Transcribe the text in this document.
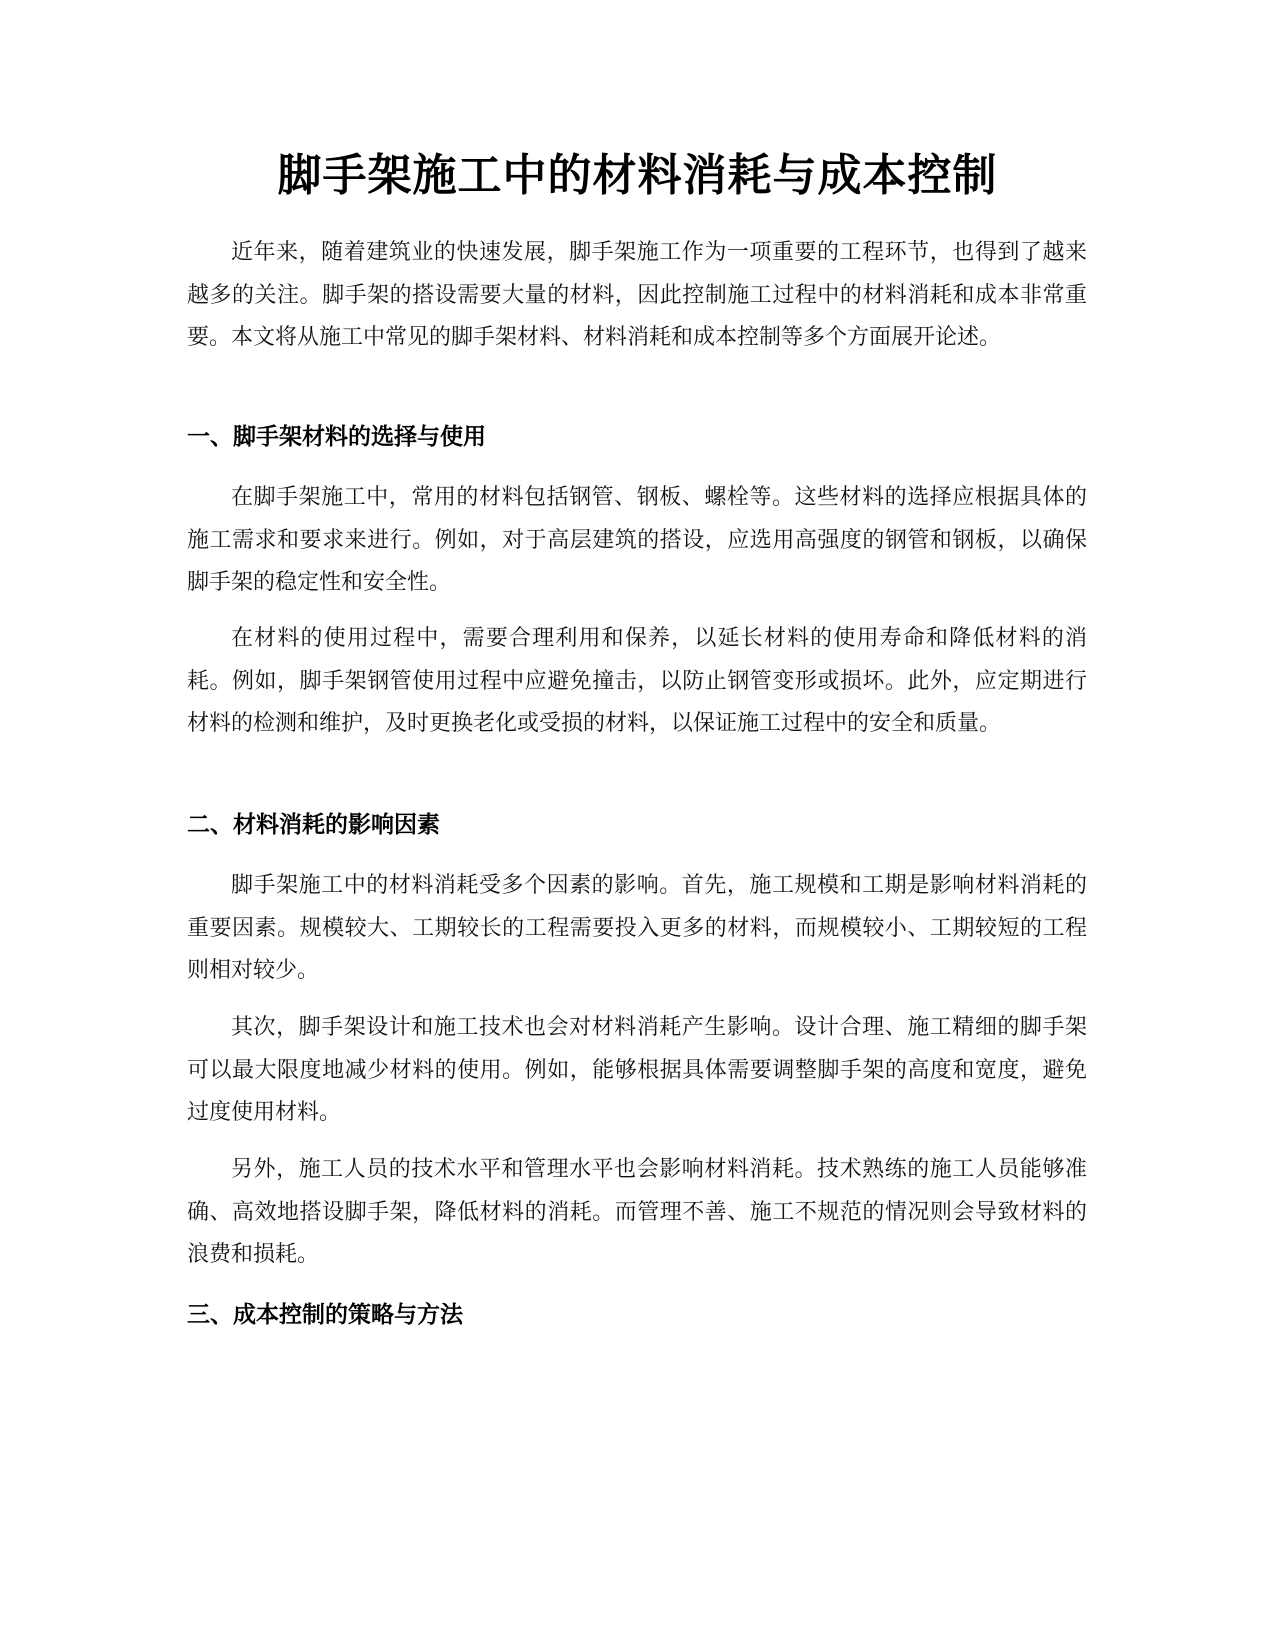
脚手架施工中的材料消耗与成本控制

近年来，随着建筑业的快速发展，脚手架施工作为一项重要的工程环节，也得到了越来越多的关注。脚手架的搭设需要大量的材料，因此控制施工过程中的材料消耗和成本非常重要。本文将从施工中常见的脚手架材料、材料消耗和成本控制等多个方面展开论述。

一、脚手架材料的选择与使用

在脚手架施工中，常用的材料包括钢管、钢板、螺栓等。这些材料的选择应根据具体的施工需求和要求来进行。例如，对于高层建筑的搭设，应选用高强度的钢管和钢板，以确保脚手架的稳定性和安全性。

在材料的使用过程中，需要合理利用和保养，以延长材料的使用寿命和降低材料的消耗。例如，脚手架钢管使用过程中应避免撞击，以防止钢管变形或损坏。此外，应定期进行材料的检测和维护，及时更换老化或受损的材料，以保证施工过程中的安全和质量。

二、材料消耗的影响因素

脚手架施工中的材料消耗受多个因素的影响。首先，施工规模和工期是影响材料消耗的重要因素。规模较大、工期较长的工程需要投入更多的材料，而规模较小、工期较短的工程则相对较少。

其次，脚手架设计和施工技术也会对材料消耗产生影响。设计合理、施工精细的脚手架可以最大限度地减少材料的使用。例如，能够根据具体需要调整脚手架的高度和宽度，避免过度使用材料。

另外，施工人员的技术水平和管理水平也会影响材料消耗。技术熟练的施工人员能够准确、高效地搭设脚手架，降低材料的消耗。而管理不善、施工不规范的情况则会导致材料的浪费和损耗。

三、成本控制的策略与方法
